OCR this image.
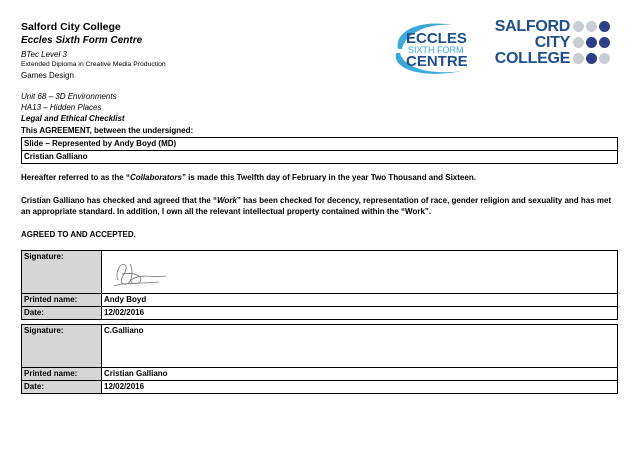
Salford City College
Eccles Sixth Form Centre
BTec Level 3
Extended Diploma in Creative Media Production
Games Design
Unit 68 – 3D Environments
HA13 – Hidden Places
Legal and Ethical Checklist
ECCLES
SIXTH FORM
CENTRE
SALFORD
CITY
COLLEGE
This AGREEMENT, between the undersigned:
Slide – Represented by Andy Boyd (MD)
Cristian Galliano
Hereafter referred to as the “Collaborators” is made this Twelfth day of February in the year Two Thousand and Sixteen.
Cristian Galliano has checked and agreed that the “Work” has been checked for decency, representation of race, gender religion and sexuality and has met an appropriate standard. In addition, I own all the relevant intellectual property contained within the “Work”.
AGREED TO AND ACCEPTED.
Signature:	

Printed name:	Andy Boyd
Date:	12/02/2016
Signature:	C.Galliano
Printed name:	Cristian Galliano
Date:	12/02/2016
